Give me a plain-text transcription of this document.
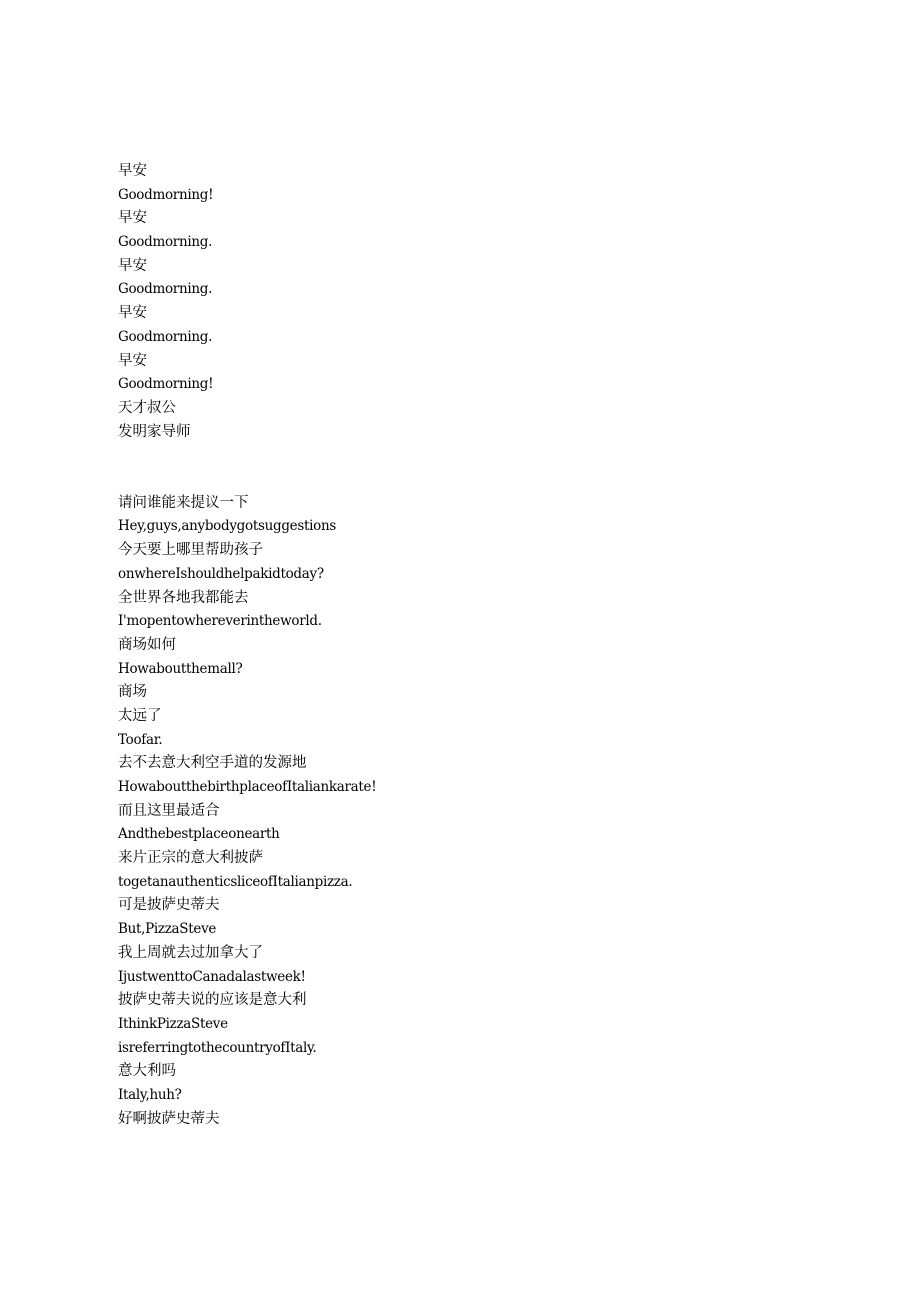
早安
Goodmorning!
早安
Goodmorning.
早安
Goodmorning.
早安
Goodmorning.
早安
Goodmorning!
天才叔公
发明家导师
请问谁能来提议一下
Hey,guys,anybodygotsuggestions
今天要上哪里帮助孩子
onwhereIshouldhelpakidtoday?
全世界各地我都能去
I'mopentowhereverintheworld.
商场如何
Howaboutthemall?
商场
太远了
Toofar.
去不去意大利空手道的发源地
HowaboutthebirthplaceofItaliankarate!
而且这里最适合
Andthebestplaceonearth
来片正宗的意大利披萨
togetanauthenticsliceofItalianpizza.
可是披萨史蒂夫
But,PizzaSteve
我上周就去过加拿大了
IjustwenttoCanadalastweek!
披萨史蒂夫说的应该是意大利
IthinkPizzaSteve
isreferringtothecountryofItaly.
意大利吗
Italy,huh?
好啊披萨史蒂夫
